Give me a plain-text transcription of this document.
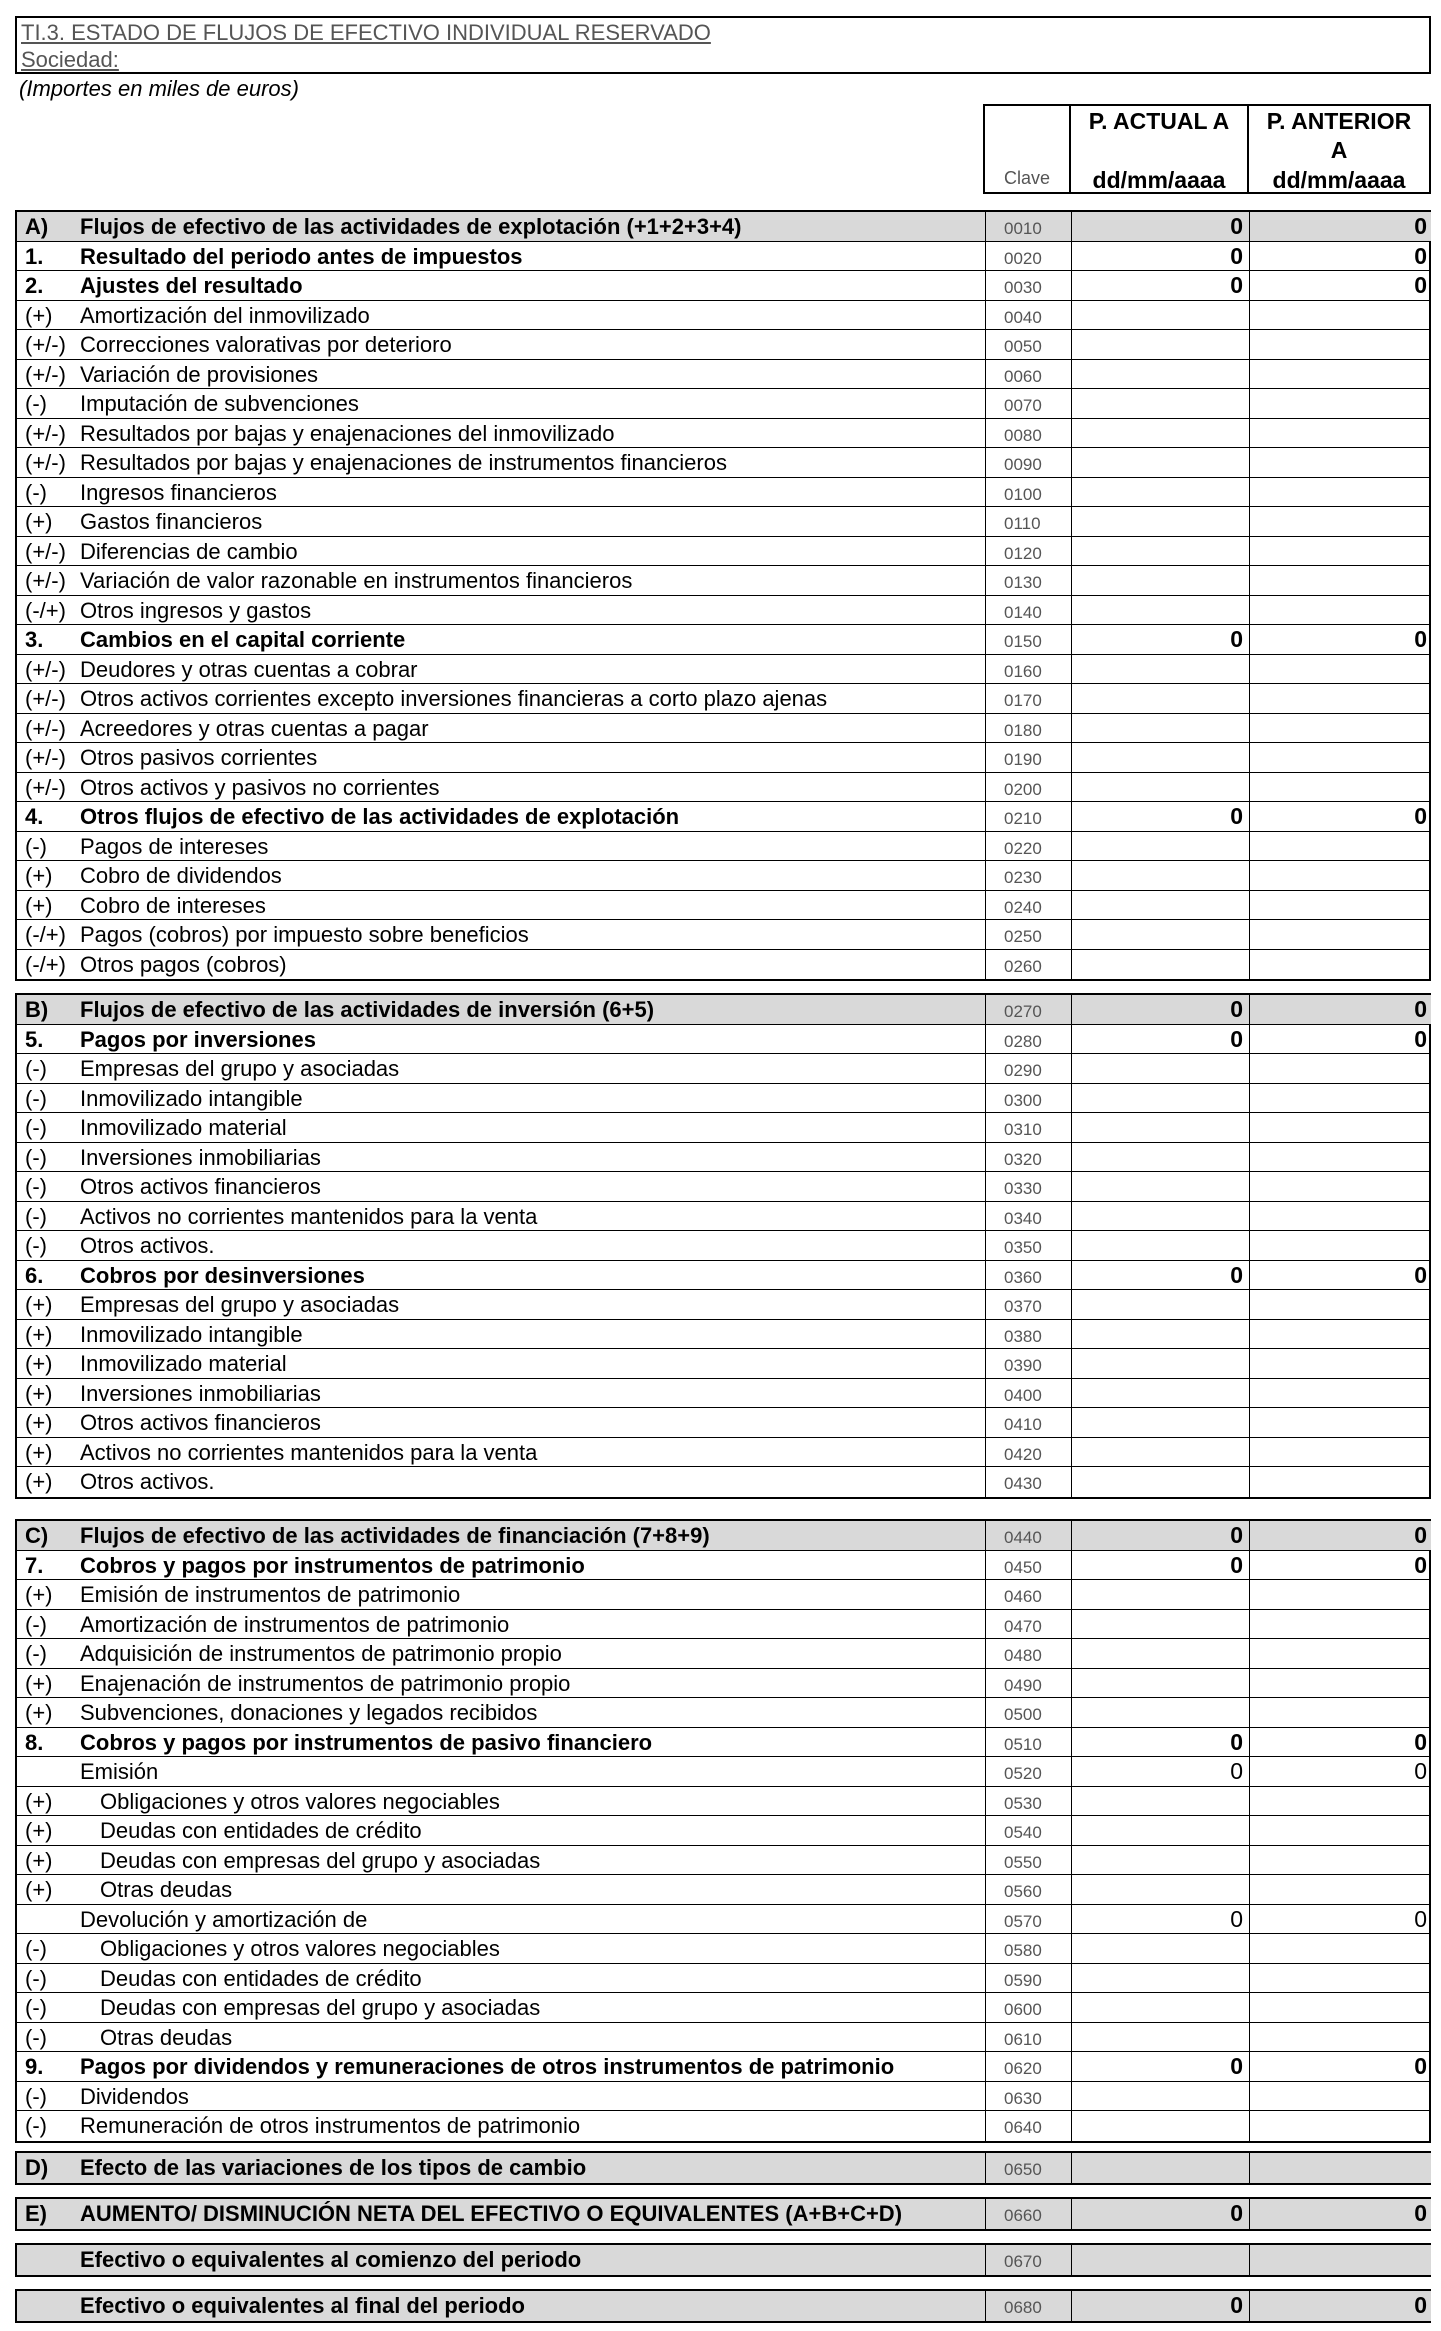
TI.3. ESTADO DE FLUJOS DE EFECTIVO INDIVIDUAL RESERVADO
Sociedad:
(Importes en miles de euros)
Clave
P. ACTUAL A
dd/mm/aaaa
P. ANTERIOR
A
dd/mm/aaaa
A)	Flujos de efectivo de las actividades de explotación (+1+2+3+4)	0010	0	0
1.	Resultado del periodo antes de impuestos	0020	0	0
2.	Ajustes del resultado	0030	0	0
(+)	Amortización del inmovilizado	0040
(+/-) Correcciones valorativas por deterioro	0050
(+/-) Variación de provisiones	0060
(-)	Imputación de subvenciones	0070
(+/-) Resultados por bajas y enajenaciones del inmovilizado	0080
(+/-) Resultados por bajas y enajenaciones de instrumentos financieros	0090
(-)	Ingresos financieros	0100
(+)	Gastos financieros	0110
(+/-) Diferencias de cambio	0120
(+/-) Variación de valor razonable en instrumentos financieros	0130
(-/+) Otros ingresos y gastos	0140
3.	Cambios en el capital corriente	0150	0	0
(+/-) Deudores y otras cuentas a cobrar	0160
(+/-) Otros activos corrientes excepto inversiones financieras a corto plazo ajenas	0170
(+/-) Acreedores y otras cuentas a pagar	0180
(+/-) Otros pasivos corrientes	0190
(+/-) Otros activos y pasivos no corrientes	0200
4.	Otros flujos de efectivo de las actividades de explotación	0210	0	0
(-)	Pagos de intereses	0220
(+)	Cobro de dividendos	0230
(+)	Cobro de intereses	0240
(-/+) Pagos (cobros) por impuesto sobre beneficios	0250
(-/+) Otros pagos (cobros)	0260
B)	Flujos de efectivo de las actividades de inversión (6+5)	0270	0	0
5.	Pagos por inversiones	0280	0	0
(-)	Empresas del grupo y asociadas	0290
(-)	Inmovilizado intangible	0300
(-)	Inmovilizado material	0310
(-)	Inversiones inmobiliarias	0320
(-)	Otros activos financieros	0330
(-)	Activos no corrientes mantenidos para la venta	0340
(-)	Otros activos.	0350
6.	Cobros por desinversiones	0360	0	0
(+)	Empresas del grupo y asociadas	0370
(+)	Inmovilizado intangible	0380
(+)	Inmovilizado material	0390
(+)	Inversiones inmobiliarias	0400
(+)	Otros activos financieros	0410
(+)	Activos no corrientes mantenidos para la venta	0420
(+)	Otros activos.	0430
C)	Flujos de efectivo de las actividades de financiación (7+8+9)	0440	0	0
7.	Cobros y pagos por instrumentos de patrimonio	0450	0	0
(+)	Emisión de instrumentos de patrimonio	0460
(-)	Amortización de instrumentos de patrimonio	0470
(-)	Adquisición de instrumentos de patrimonio propio	0480
(+)	Enajenación de instrumentos de patrimonio propio	0490
(+)	Subvenciones, donaciones y legados recibidos	0500
8.	Cobros y pagos por instrumentos de pasivo financiero	0510	0	0
Emisión	0520	0	0
(+)	Obligaciones y otros valores negociables	0530
(+)	Deudas con entidades de crédito	0540
(+)	Deudas con empresas del grupo y asociadas	0550
(+)	Otras deudas	0560
Devolución y amortización de	0570	0	0
(-)	Obligaciones y otros valores negociables	0580
(-)	Deudas con entidades de crédito	0590
(-)	Deudas con empresas del grupo y asociadas	0600
(-)	Otras deudas	0610
9.	Pagos por dividendos y remuneraciones de otros instrumentos de patrimonio	0620	0	0
(-)	Dividendos	0630
(-)	Remuneración de otros instrumentos de patrimonio	0640
D)	Efecto de las variaciones de los tipos de cambio	0650
E)	AUMENTO/ DISMINUCIÓN NETA DEL EFECTIVO O EQUIVALENTES (A+B+C+D)	0660	0	0
Efectivo o equivalentes al comienzo del periodo	0670
Efectivo o equivalentes al final del periodo	0680	0	0
